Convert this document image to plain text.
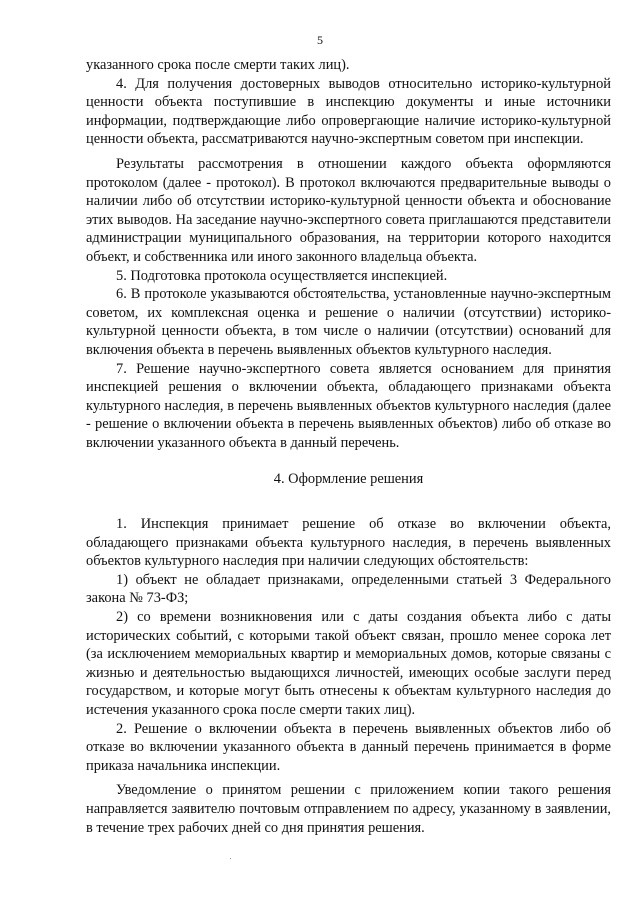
5

указанного срока после смерти таких лиц).

4. Для получения достоверных выводов относительно историко-культурной ценности объекта поступившие в инспекцию документы и иные источники информации, подтверждающие либо опровергающие наличие историко-культурной ценности объекта, рассматриваются научно-экспертным советом при инспекции.

Результаты рассмотрения в отношении каждого объекта оформляются протоколом (далее - протокол). В протокол включаются предварительные выводы о наличии либо об отсутствии историко-культурной ценности объекта и обоснование этих выводов. На заседание научно-экспертного совета приглашаются представители администрации муниципального образования, на территории которого находится объект, и собственника или иного законного владельца объекта.

5. Подготовка протокола осуществляется инспекцией.

6. В протоколе указываются обстоятельства, установленные научно-экспертным советом, их комплексная оценка и решение о наличии (отсутствии) историко-культурной ценности объекта, в том числе о наличии (отсутствии) оснований для включения объекта в перечень выявленных объектов культурного наследия.

7. Решение научно-экспертного совета является основанием для принятия инспекцией решения о включении объекта, обладающего признаками объекта культурного наследия, в перечень выявленных объектов культурного наследия (далее - решение о включении объекта в перечень выявленных объектов) либо об отказе во включении указанного объекта в данный перечень.

4. Оформление решения

1. Инспекция принимает решение об отказе во включении объекта, обладающего признаками объекта культурного наследия, в перечень выявленных объектов культурного наследия при наличии следующих обстоятельств:

1) объект не обладает признаками, определенными статьей 3 Федерального закона № 73-ФЗ;

2) со времени возникновения или с даты создания объекта либо с даты исторических событий, с которыми такой объект связан, прошло менее сорока лет (за исключением мемориальных квартир и мемориальных домов, которые связаны с жизнью и деятельностью выдающихся личностей, имеющих особые заслуги перед государством, и которые могут быть отнесены к объектам культурного наследия до истечения указанного срока после смерти таких лиц).

2. Решение о включении объекта в перечень выявленных объектов либо об отказе во включении указанного объекта в данный перечень принимается в форме приказа начальника инспекции.

Уведомление о принятом решении с приложением копии такого решения направляется заявителю почтовым отправлением по адресу, указанному в заявлении, в течение трех рабочих дней со дня принятия решения.
